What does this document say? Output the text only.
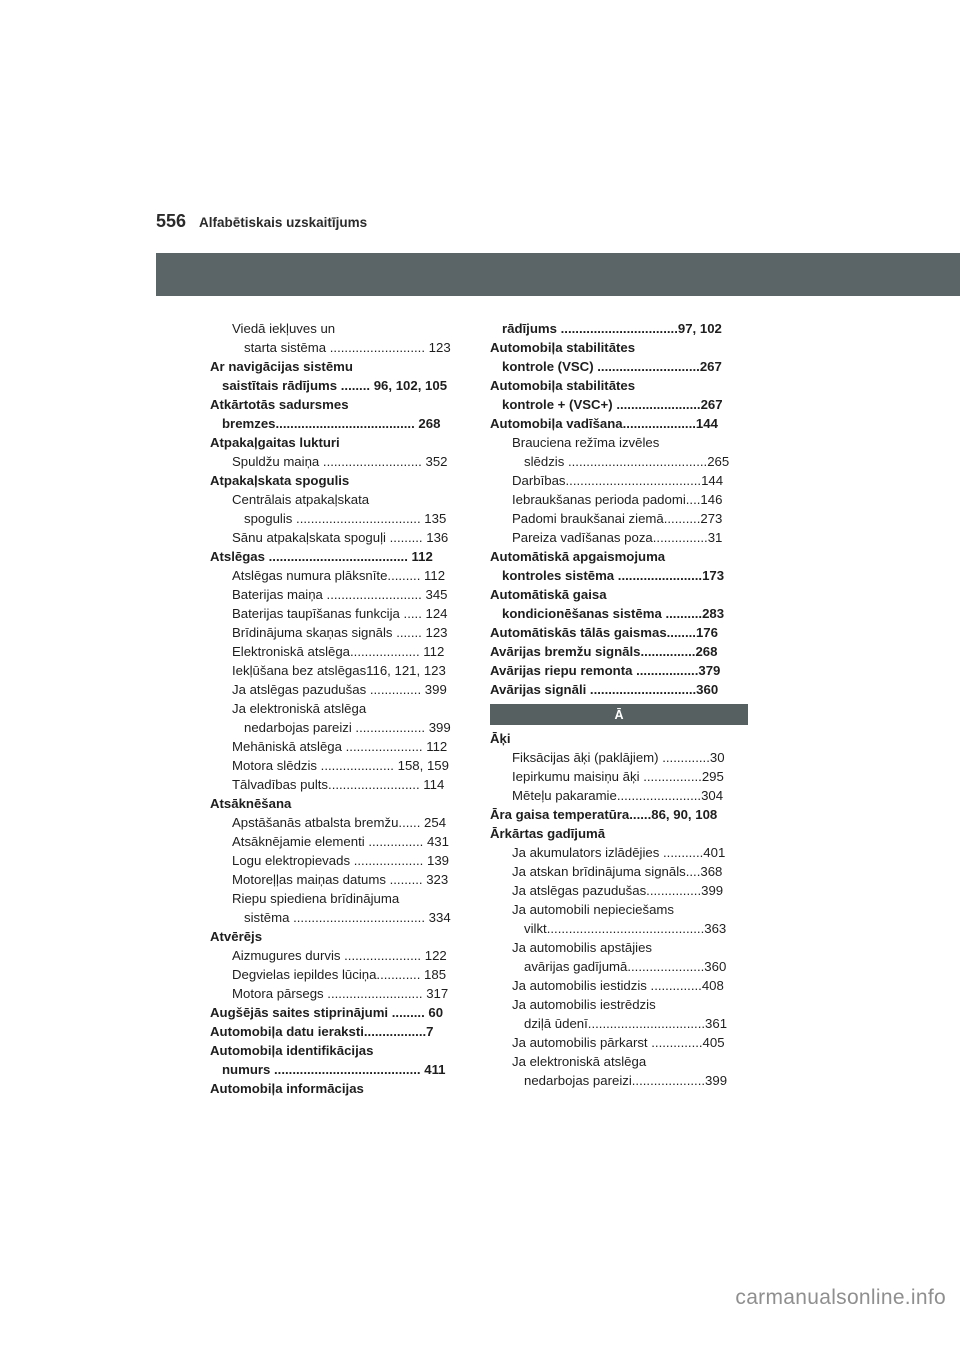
556 Alfabētiskais uzskaitījums
Viedā iekļuves un
starta sistēma .......................... 123
Ar navigācijas sistēmu
saistītais rādījums ........ 96, 102, 105
Atkārtotās sadursmes
bremzes...................................... 268
Atpakaļgaitas lukturi
Spuldžu maiņa ........................... 352
Atpakaļskata spogulis
Centrālais atpakaļskata
spogulis .................................. 135
Sānu atpakaļskata spoguļi ......... 136
Atslēgas ...................................... 112
Atslēgas numura plāksnīte......... 112
Baterijas maiņa .......................... 345
Baterijas taupīšanas funkcija ..... 124
Brīdinājuma skaņas signāls ....... 123
Elektroniskā atslēga................... 112
Iekļūšana bez atslēgas116, 121, 123
Ja atslēgas pazudušas .............. 399
Ja elektroniskā atslēga
nedarbojas pareizi ................... 399
Mehāniskā atslēga ..................... 112
Motora slēdzis .................... 158, 159
Tālvadības pults......................... 114
Atsāknēšana
Apstāšanās atbalsta bremžu...... 254
Atsāknējamie elementi ............... 431
Logu elektropievads ................... 139
Motoreļļas maiņas datums ......... 323
Riepu spiediena brīdinājuma
sistēma .................................... 334
Atvērējs
Aizmugures durvis ..................... 122
Degvielas iepildes lūciņa............ 185
Motora pārsegs .......................... 317
Augšējās saites stiprinājumi ......... 60
Automobiļa datu ieraksti.................7
Automobiļa identifikācijas
numurs ........................................ 411
Automobiļa informācijas
rādījums ................................97, 102
Automobiļa stabilitātes
kontrole (VSC) ............................267
Automobiļa stabilitātes
kontrole + (VSC+) .......................267
Automobiļa vadīšana....................144
Brauciena režīma izvēles
slēdzis ......................................265
Darbības.....................................144
Iebraukšanas perioda padomi....146
Padomi braukšanai ziemā..........273
Pareiza vadīšanas poza...............31
Automātiskā apgaismojuma
kontroles sistēma .......................173
Automātiskā gaisa
kondicionēšanas sistēma ..........283
Automātiskās tālās gaismas........176
Avārijas bremžu signāls...............268
Avārijas riepu remonta .................379
Avārijas signāli .............................360
Ā
Āķi
Fiksācijas āķi (paklājiem) .............30
Iepirkumu maisiņu āķi ................295
Mēteļu pakaramie.......................304
Āra gaisa temperatūra......86, 90, 108
Ārkārtas gadījumā
Ja akumulators izlādējies ...........401
Ja atskan brīdinājuma signāls....368
Ja atslēgas pazudušas...............399
Ja automobili nepieciešams
vilkt...........................................363
Ja automobilis apstājies
avārijas gadījumā.....................360
Ja automobilis iestidzis ..............408
Ja automobilis iestrēdzis
dziļā ūdenī................................361
Ja automobilis pārkarst ..............405
Ja elektroniskā atslēga
nedarbojas pareizi....................399
carmanualsonline.info
